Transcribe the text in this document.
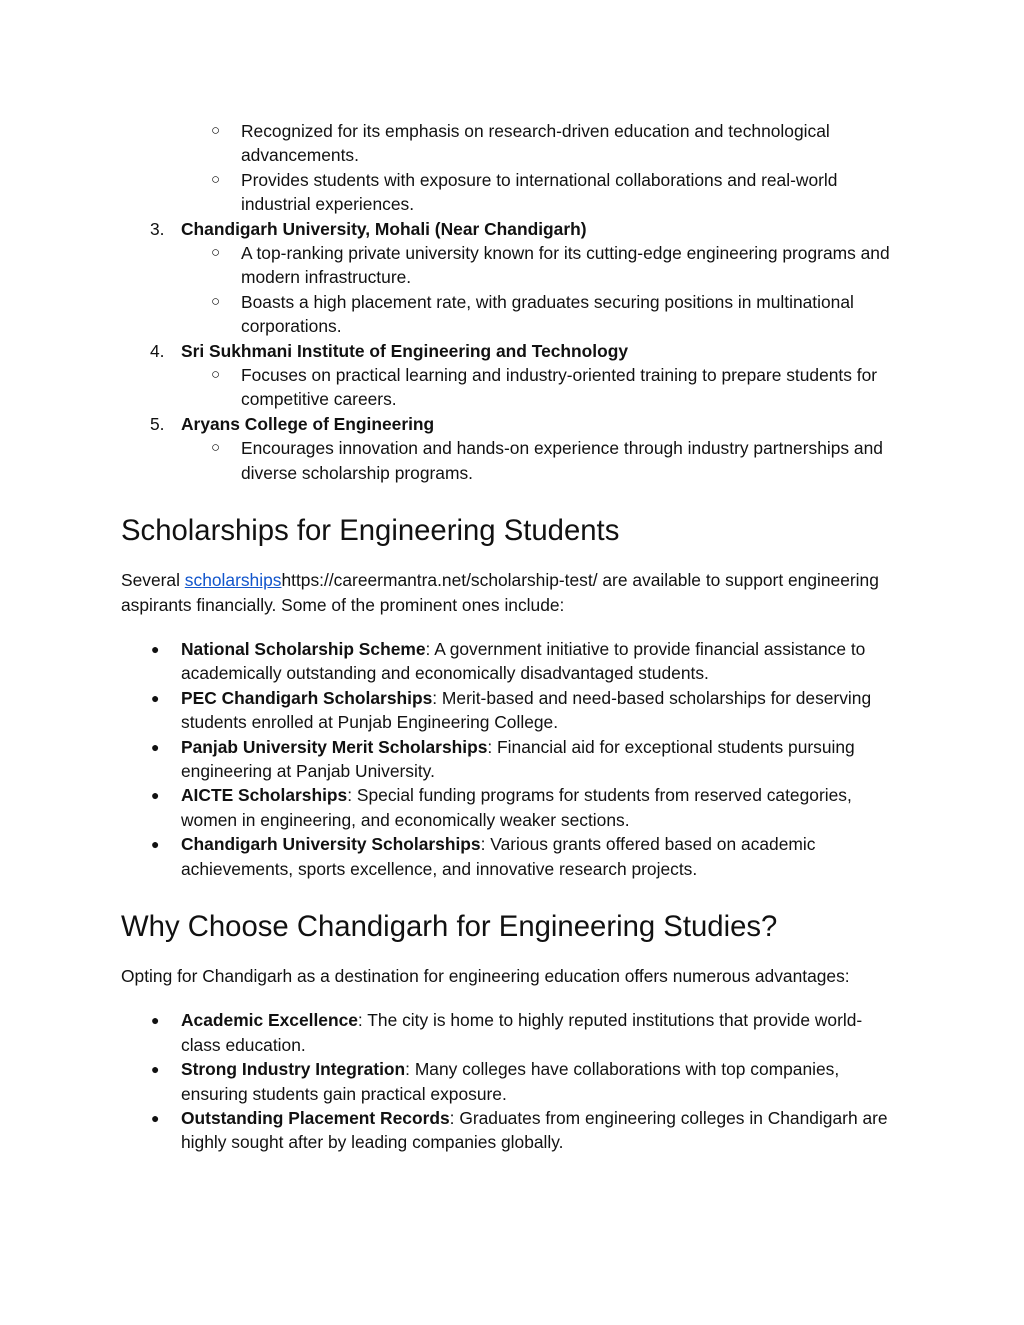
○ Recognized for its emphasis on research-driven education and technological advancements.
○ Provides students with exposure to international collaborations and real-world industrial experiences.
3. Chandigarh University, Mohali (Near Chandigarh)
○ A top-ranking private university known for its cutting-edge engineering programs and modern infrastructure.
○ Boasts a high placement rate, with graduates securing positions in multinational corporations.
4. Sri Sukhmani Institute of Engineering and Technology
○ Focuses on practical learning and industry-oriented training to prepare students for competitive careers.
5. Aryans College of Engineering
○ Encourages innovation and hands-on experience through industry partnerships and diverse scholarship programs.
Scholarships for Engineering Students

Several scholarshipshttps://careermantra.net/scholarship-test/ are available to support engineering aspirants financially. Some of the prominent ones include:

● National Scholarship Scheme: A government initiative to provide financial assistance to academically outstanding and economically disadvantaged students.
● PEC Chandigarh Scholarships: Merit-based and need-based scholarships for deserving students enrolled at Punjab Engineering College.
● Panjab University Merit Scholarships: Financial aid for exceptional students pursuing engineering at Panjab University.
● AICTE Scholarships: Special funding programs for students from reserved categories, women in engineering, and economically weaker sections.
● Chandigarh University Scholarships: Various grants offered based on academic achievements, sports excellence, and innovative research projects.
Why Choose Chandigarh for Engineering Studies?

Opting for Chandigarh as a destination for engineering education offers numerous advantages:

● Academic Excellence: The city is home to highly reputed institutions that provide world-class education.
● Strong Industry Integration: Many colleges have collaborations with top companies, ensuring students gain practical exposure.
● Outstanding Placement Records: Graduates from engineering colleges in Chandigarh are highly sought after by leading companies globally.
